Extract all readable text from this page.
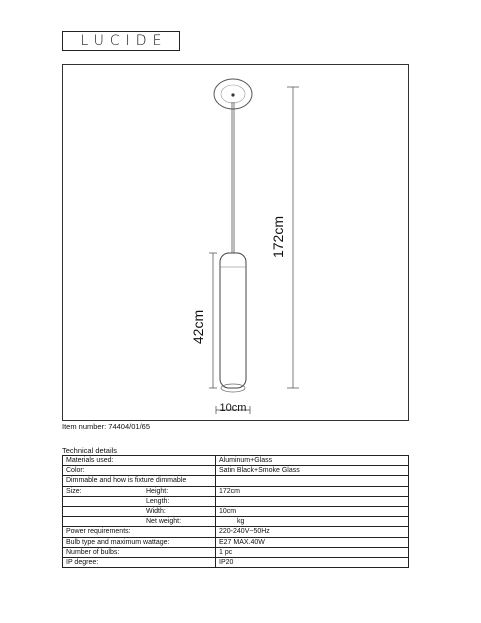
LUCIDE
172cm
42cm
10cm
Item number: 74404/01/65
Technical details
Materials used:	Aluminum+Glass
Color:	Satin Black+Smoke Glass
Dimmable and how is fixture dimmable	
Size: Height:	172cm
Length:	
Width:	10cm
Net weight:	kg
Power requirements:	220-240V~50Hz
Bulb type and maximum wattage:	E27 MAX.40W
Number of bulbs:	1 pc
IP degree:	IP20
